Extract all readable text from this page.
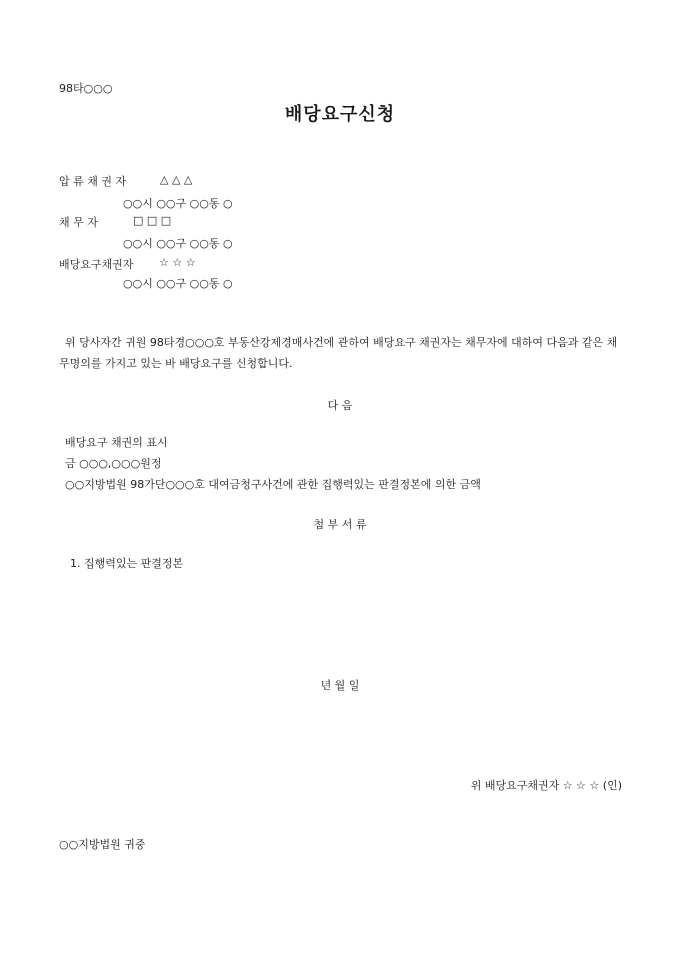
98타○○○
배당요구신청
압 류 채 권 자	△ △ △
○○시 ○○구 ○○동 ○
채 무 자	□ □ □
○○시 ○○구 ○○동 ○
배당요구채권자 ☆ ☆ ☆
○○시 ○○구 ○○동 ○
위 당사자간 귀원 98타경○○○호 부동산강제경매사건에 관하여 배당요구 채권자는 채무자에 대하여 다음과 같은 채무명의를 가지고 있는 바 배당요구를 신청합니다.
다 음
배당요구 채권의 표시
금 ○○○,○○○원정
○○지방법원 98가단○○○호 대여금청구사건에 관한 집행력있는 판결정본에 의한 금액
첨 부 서 류
1. 집행력있는 판결정본
년 월 일
위 배당요구채권자 ☆ ☆ ☆ (인)
○○지방법원 귀중
